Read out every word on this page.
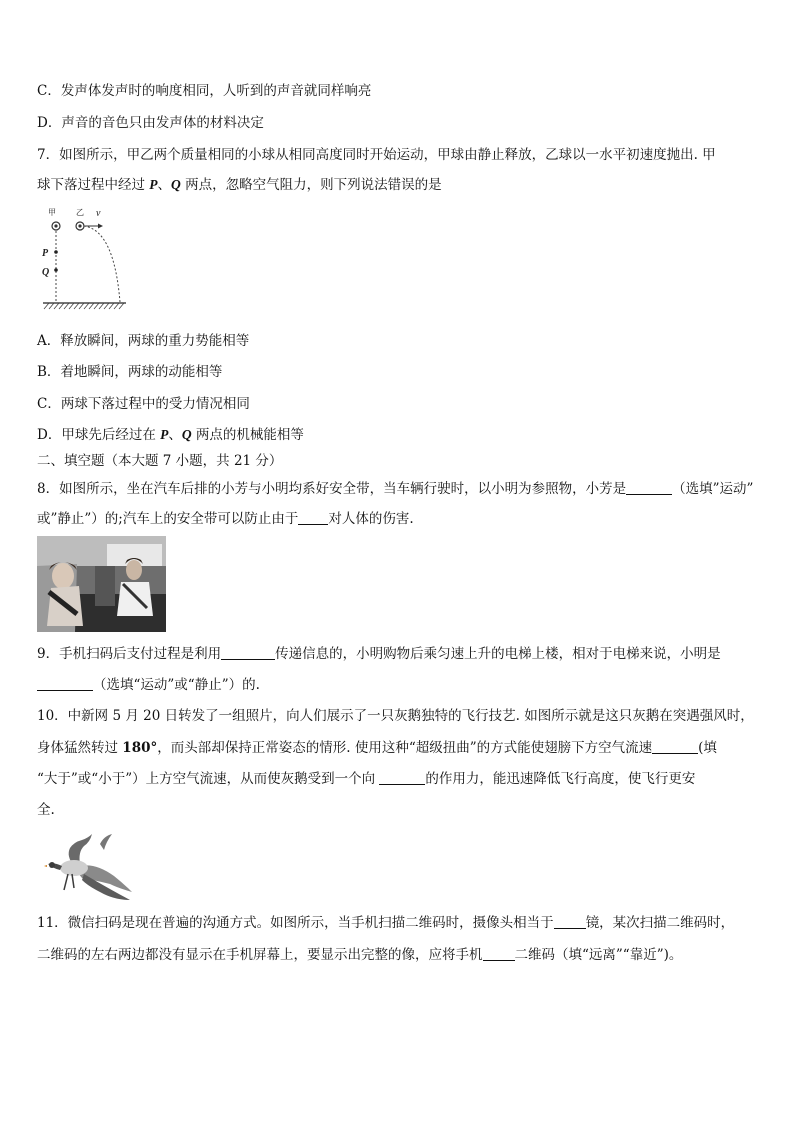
C．发声体发声时的响度相同，人听到的声音就同样响亮
D．声音的音色只由发声体的材料决定
7．如图所示，甲乙两个质量相同的小球从相同高度同时开始运动，甲球由静止释放，乙球以一水平初速度抛出. 甲
球下落过程中经过 P、Q 两点，忽略空气阻力，则下列说法错误的是
甲	乙 v
P
Q
A．释放瞬间，两球的重力势能相等
B．着地瞬间，两球的动能相等
C．两球下落过程中的受力情况相同
D．甲球先后经过在 P、Q 两点的机械能相等
二、填空题（本大题 7 小题，共 21 分）
8．如图所示，坐在汽车后排的小芳与小明均系好安全带，当车辆行驶时，以小明为参照物，小芳是	（选填”运动”
或”静止”）的;汽车上的安全带可以防止由于 对人体的伤害.
9．手机扫码后支付过程是利用	传递信息的，小明购物后乘匀速上升的电梯上楼，相对于电梯来说，小明是
（选填“运动”或“静止”）的.
10．中新网 5 月 20 日转发了一组照片，向人们展示了一只灰鹅独特的飞行技艺. 如图所示就是这只灰鹅在突遇强风时，
身体猛然转过 180°，而头部却保持正常姿态的情形. 使用这种“超级扭曲”的方式能使翅膀下方空气流速	(填
“大于”或“小于”）上方空气流速，从而使灰鹅受到一个向	的作用力，能迅速降低飞行高度，使飞行更安
全.
11．微信扫码是现在普遍的沟通方式。如图所示，当手机扫描二维码时，摄像头相当于 镜，某次扫描二维码时，
二维码的左右两边都没有显示在手机屏幕上，要显示出完整的像，应将手机 二维码（填“远离”“靠近”)。
